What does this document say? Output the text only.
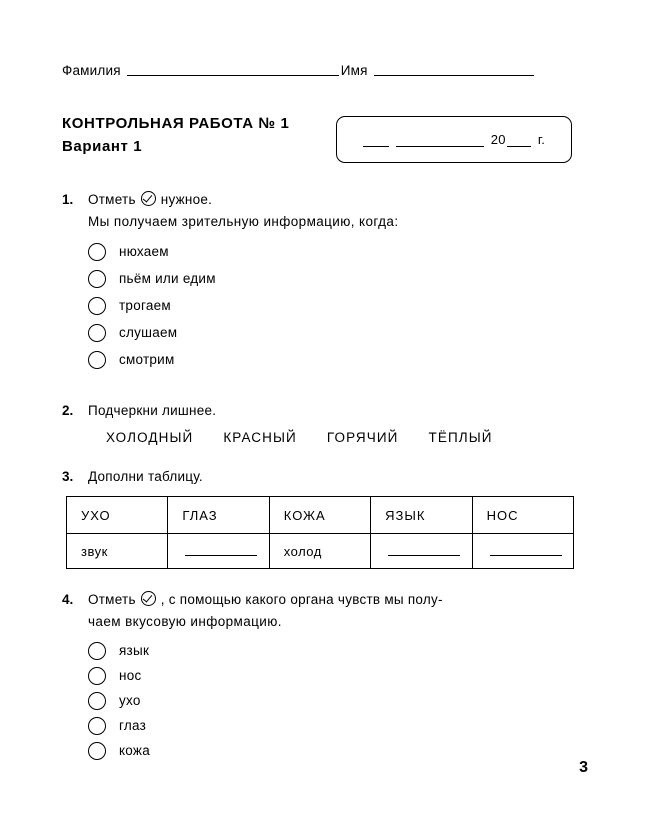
Фамилия	Имя
КОНТРОЛЬНАЯ РАБОТА № 1
Вариант 1	20 г.
1.	Отметь нужное.
Мы получаем зрительную информацию, когда:
нюхаем
пьём или едим
трогаем
слушаем
смотрим
2.	Подчеркни лишнее.
ХОЛОДНЫЙ КРАСНЫЙ ГОРЯЧИЙ ТЁПЛЫЙ
3.	Дополни таблицу.
УХО	ГЛАЗ	КОЖА	ЯЗЫК	НОС
звук		холод		
4.	Отметь , с помощью какого органа чувств мы полу-
чаем вкусовую информацию.
язык
нос
ухо
глаз
кожа
3
